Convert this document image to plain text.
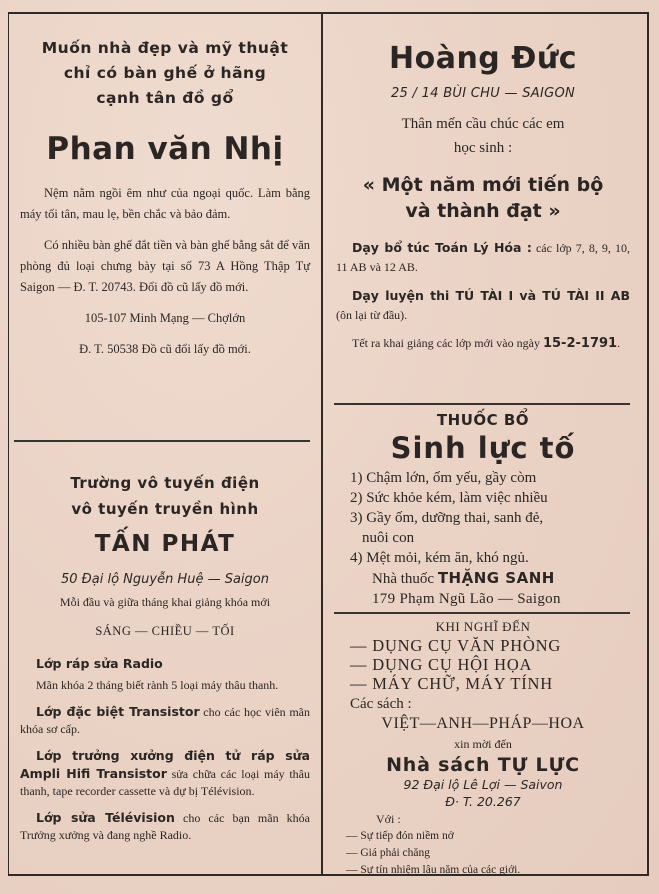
Muốn nhà đẹp và mỹ thuật

chỉ có bàn ghế ở hãng

cạnh tân đồ gổ

Phan văn Nhị

Nệm nằm ngồi êm như của ngoại quốc. Làm bằng máy tối tân, mau lẹ, bền chắc và bảo đảm.

Có nhiều bàn ghế đắt tiền và bàn ghế bằng sắt để văn phòng đủ loại chưng bày tại số 73 A Hồng Thập Tự Saigon — Đ. T. 20743. Đổi đồ cũ lấy đồ mới.

105-107 Minh Mạng — Chợlớn

Đ. T. 50538 Đồ cũ đổi lấy đồ mới.

Trường vô tuyến điện

vô tuyến truyền hình

TẤN PHÁT
50 Đại lộ Nguyễn Huệ — Saigon
Mỗi đầu và giữa tháng khai giảng khóa mới
SÁNG — CHIỀU — TỐI

Lớp ráp sửa Radio

Mãn khóa 2 tháng biết rành 5 loại máy thâu thanh.

Lớp đặc biệt Transistor cho các học viên mãn khóa sơ cấp.

Lớp trưởng xưởng điện tử ráp sửa Ampli Hifi Transistor sửa chữa các loại máy thâu thanh, tape recorder cassette và dự bị Télévision.

Lớp sửa Télévision cho các bạn mãn khóa Trưởng xưởng và đang nghề Radio.

Hoàng Đức
25 / 14 BÙI CHU — SAIGON

Thân mến cầu chúc các em

học sinh :

« Một năm mới tiến bộ

và thành đạt »

Dạy bổ túc Toán Lý Hóa : các lớp 7, 8, 9, 10, 11 AB và 12 AB.

Dạy luyện thi TÚ TÀI I và TÚ TÀI II AB (ôn lại từ đầu).

Tết ra khai giảng các lớp mới vào ngày 15-2-1791.

THUỐC BỔ
Sinh lực tố

1) Chậm lớn, ốm yếu, gầy còm

2) Sức khỏe kém, làm việc nhiều

3) Gầy ốm, dưỡng thai, sanh đẻ,

nuôi con

4) Mệt mỏi, kém ăn, khó ngủ.

Nhà thuốc THẶNG SANH
179 Phạm Ngũ Lão — Saigon
KHI NGHĨ ĐẾN

— DỤNG CỤ VĂN PHÒNG

— DỤNG CỤ HỘI HỌA

— MÁY CHỮ, MÁY TÍNH

Các sách :
VIỆT—ANH—PHÁP—HOA
xin mời đến
Nhà sách TỰ LỰC
92 Đại lộ Lê Lợi — Saivon
Đ· T. 20.267
Với :

— Sự tiếp đón niềm nở

— Giá phải chăng

— Sự tín nhiệm lâu năm của các giới.
